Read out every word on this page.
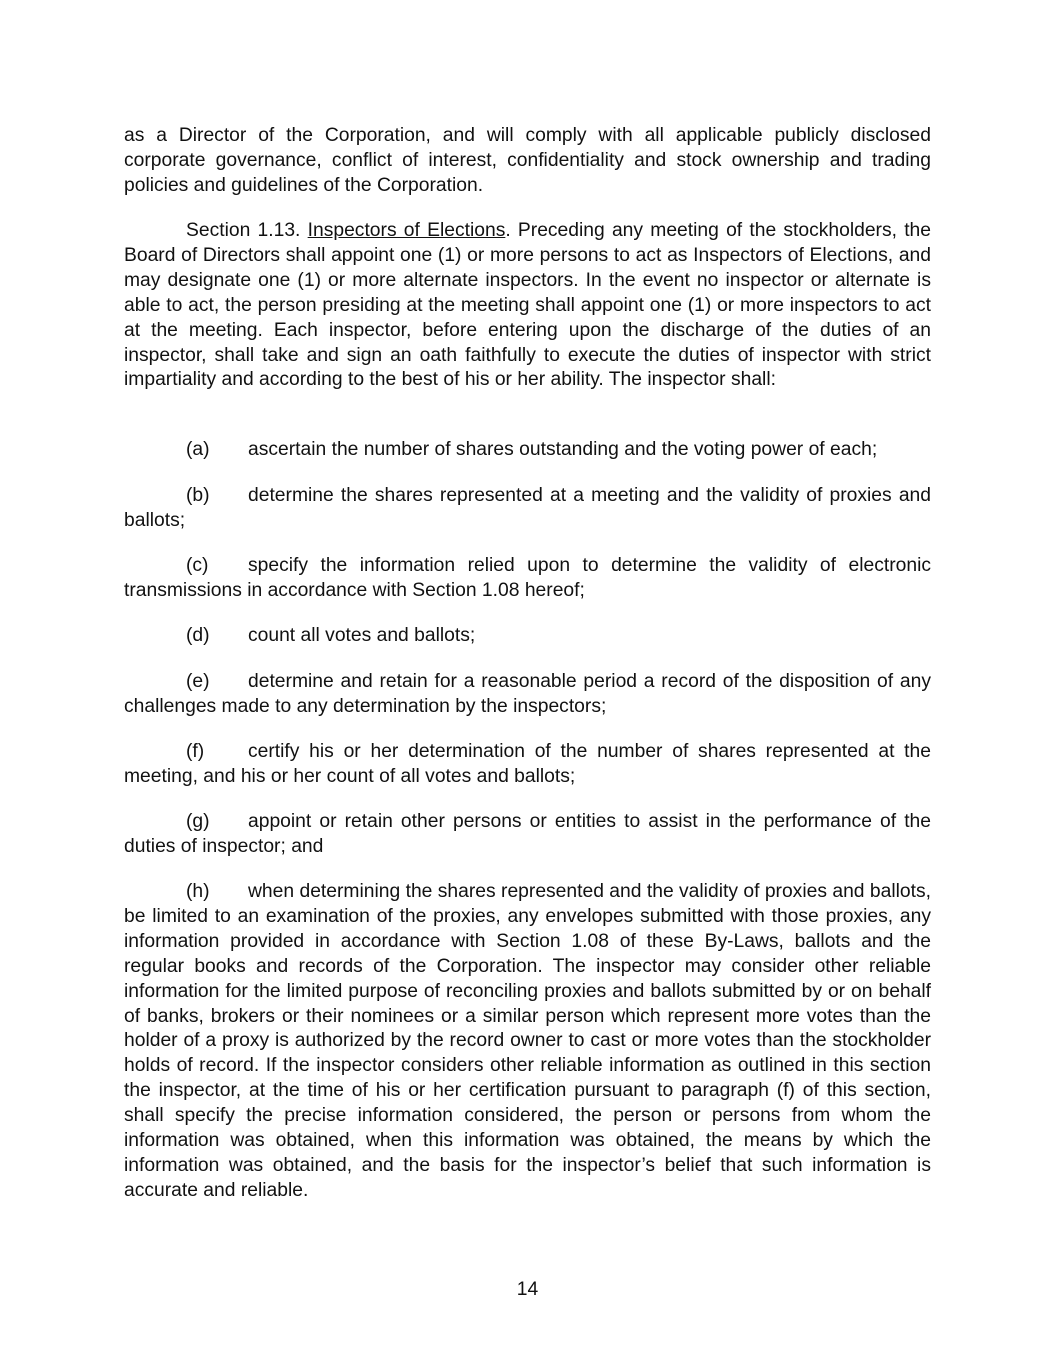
as a Director of the Corporation, and will comply with all applicable publicly disclosed corporate governance, conflict of interest, confidentiality and stock ownership and trading policies and guidelines of the Corporation.

Section 1.13. Inspectors of Elections. Preceding any meeting of the stockholders, the Board of Directors shall appoint one (1) or more persons to act as Inspectors of Elections, and may designate one (1) or more alternate inspectors. In the event no inspector or alternate is able to act, the person presiding at the meeting shall appoint one (1) or more inspectors to act at the meeting. Each inspector, before entering upon the discharge of the duties of an inspector, shall take and sign an oath faithfully to execute the duties of inspector with strict impartiality and according to the best of his or her ability. The inspector shall:

(a) ascertain the number of shares outstanding and the voting power of each;

(b) determine the shares represented at a meeting and the validity of proxies and ballots;

(c) specify the information relied upon to determine the validity of electronic transmissions in accordance with Section 1.08 hereof;

(d) count all votes and ballots;

(e) determine and retain for a reasonable period a record of the disposition of any challenges made to any determination by the inspectors;

(f) certify his or her determination of the number of shares represented at the meeting, and his or her count of all votes and ballots;

(g) appoint or retain other persons or entities to assist in the performance of the duties of inspector; and

(h) when determining the shares represented and the validity of proxies and ballots, be limited to an examination of the proxies, any envelopes submitted with those proxies, any information provided in accordance with Section 1.08 of these By-Laws, ballots and the regular books and records of the Corporation. The inspector may consider other reliable information for the limited purpose of reconciling proxies and ballots submitted by or on behalf of banks, brokers or their nominees or a similar person which represent more votes than the holder of a proxy is authorized by the record owner to cast or more votes than the stockholder holds of record. If the inspector considers other reliable information as outlined in this section the inspector, at the time of his or her certification pursuant to paragraph (f) of this section, shall specify the precise information considered, the person or persons from whom the information was obtained, when this information was obtained, the means by which the information was obtained, and the basis for the inspector’s belief that such information is accurate and reliable.

14
